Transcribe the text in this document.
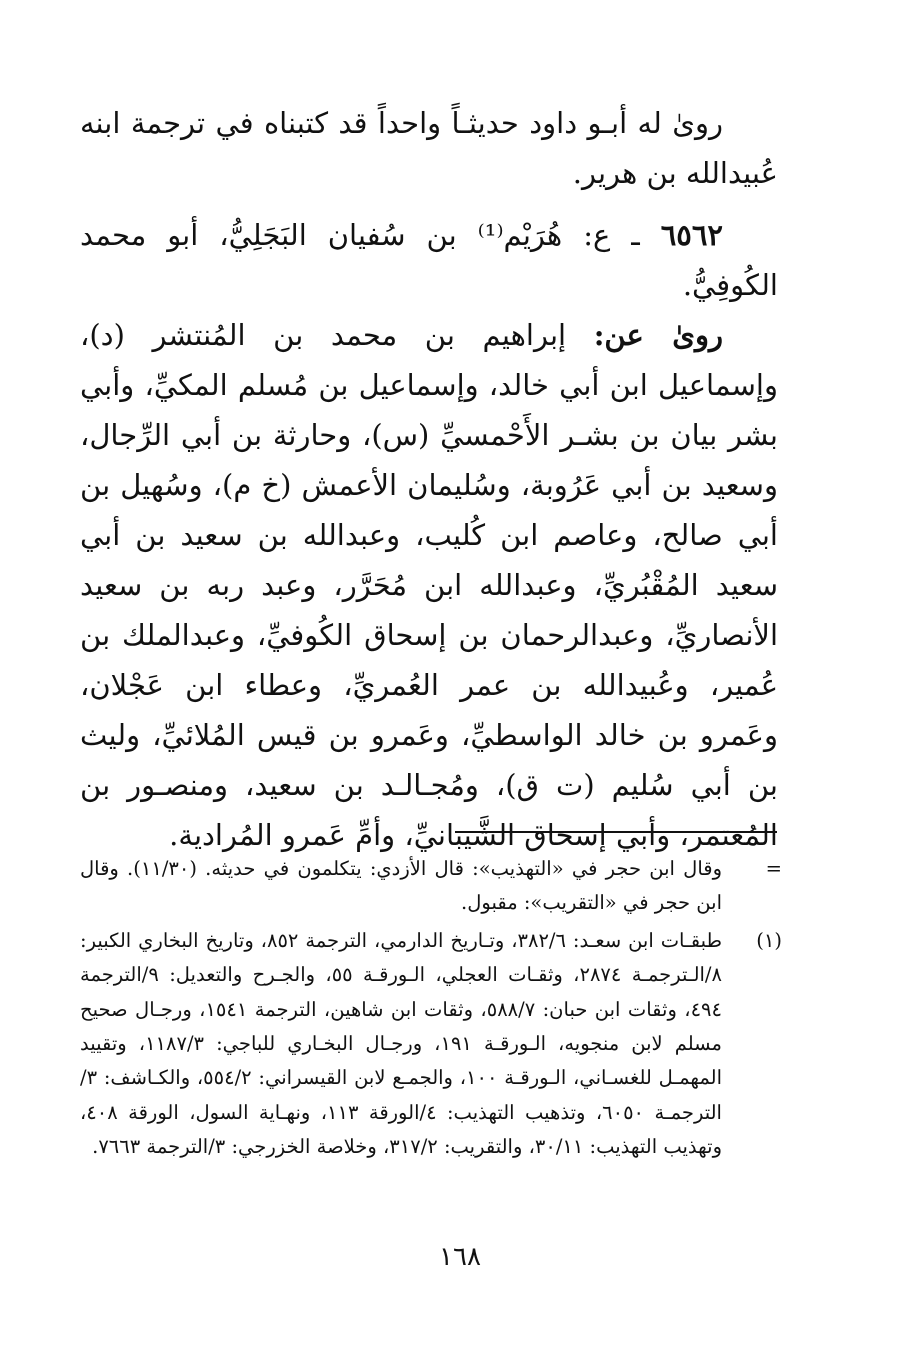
روىٰ له أبـو داود حديثـاً واحداً قد كتبناه في ترجمة ابنه عُبيدالله بن هرير.

٦٥٦٢ ـ ع: هُرَيْم⁽¹⁾ بن سُفيان البَجَلِيُّ، أبو محمد الكُوفِيُّ.

روىٰ عن: إبراهيم بن محمد بن المُنتشر (د)، وإسماعيل ابن أبي خالد، وإسماعيل بن مُسلم المكيِّ، وأبي بشر بيان بن بشـر الأَحْمسيِّ (س)، وحارثة بن أبي الرِّجال، وسعيد بن أبي عَرُوبة، وسُليمان الأعمش (خ م)، وسُهيل بن أبي صالح، وعاصم ابن كُليب، وعبدالله بن سعيد بن أبي سعيد المُقْبُريِّ، وعبدالله ابن مُحَرَّر، وعبد ربه بن سعيد الأنصاريِّ، وعبدالرحمان بن إسحاق الكُوفيِّ، وعبدالملك بن عُمير، وعُبيدالله بن عمر العُمريِّ، وعطاء ابن عَجْلان، وعَمرو بن خالد الواسطيِّ، وعَمرو بن قيس المُلائيِّ، وليث بن أبي سُليم (ت ق)، ومُجـالـد بن سعيد، ومنصـور بن المُعتمر، وأبي إسحاق الشَّيبانيِّ، وأمِّ عَمرو المُرادية.

=
وقال ابن حجر في «التهذيب»: قال الأزدي: يتكلمون في حديثه. (١١/٣٠). وقال ابن حجر في «التقريب»: مقبول.
(١)
طبقـات ابن سعـد: ٣٨٢/٦، وتـاريخ الدارمي، الترجمة ٨٥٢، وتاريخ البخاري الكبير: ٨/الـترجمـة ٢٨٧٤، وثقـات العجلي، الـورقـة ٥٥، والجـرح والتعديل: ٩/الترجمة ٤٩٤، وثقات ابن حبان: ٥٨٨/٧، وثقات ابن شاهين، الترجمة ١٥٤١، ورجـال صحيح مسلم لابن منجويه، الـورقـة ١٩١، ورجـال البخـاري للباجي: ١١٨٧/٣، وتقييد المهمـل للغسـاني، الـورقـة ١٠٠، والجمـع لابن القيسراني: ٥٥٤/٢، والكـاشف: ٣/الترجمـة ٦٠٥٠، وتذهيب التهذيب: ٤/الورقة ١١٣، ونهـاية السول، الورقة ٤٠٨، وتهذيب التهذيب: ٣٠/١١، والتقريب: ٣١٧/٢، وخلاصة الخزرجي: ٣/الترجمة ٧٦٦٣.
١٦٨
